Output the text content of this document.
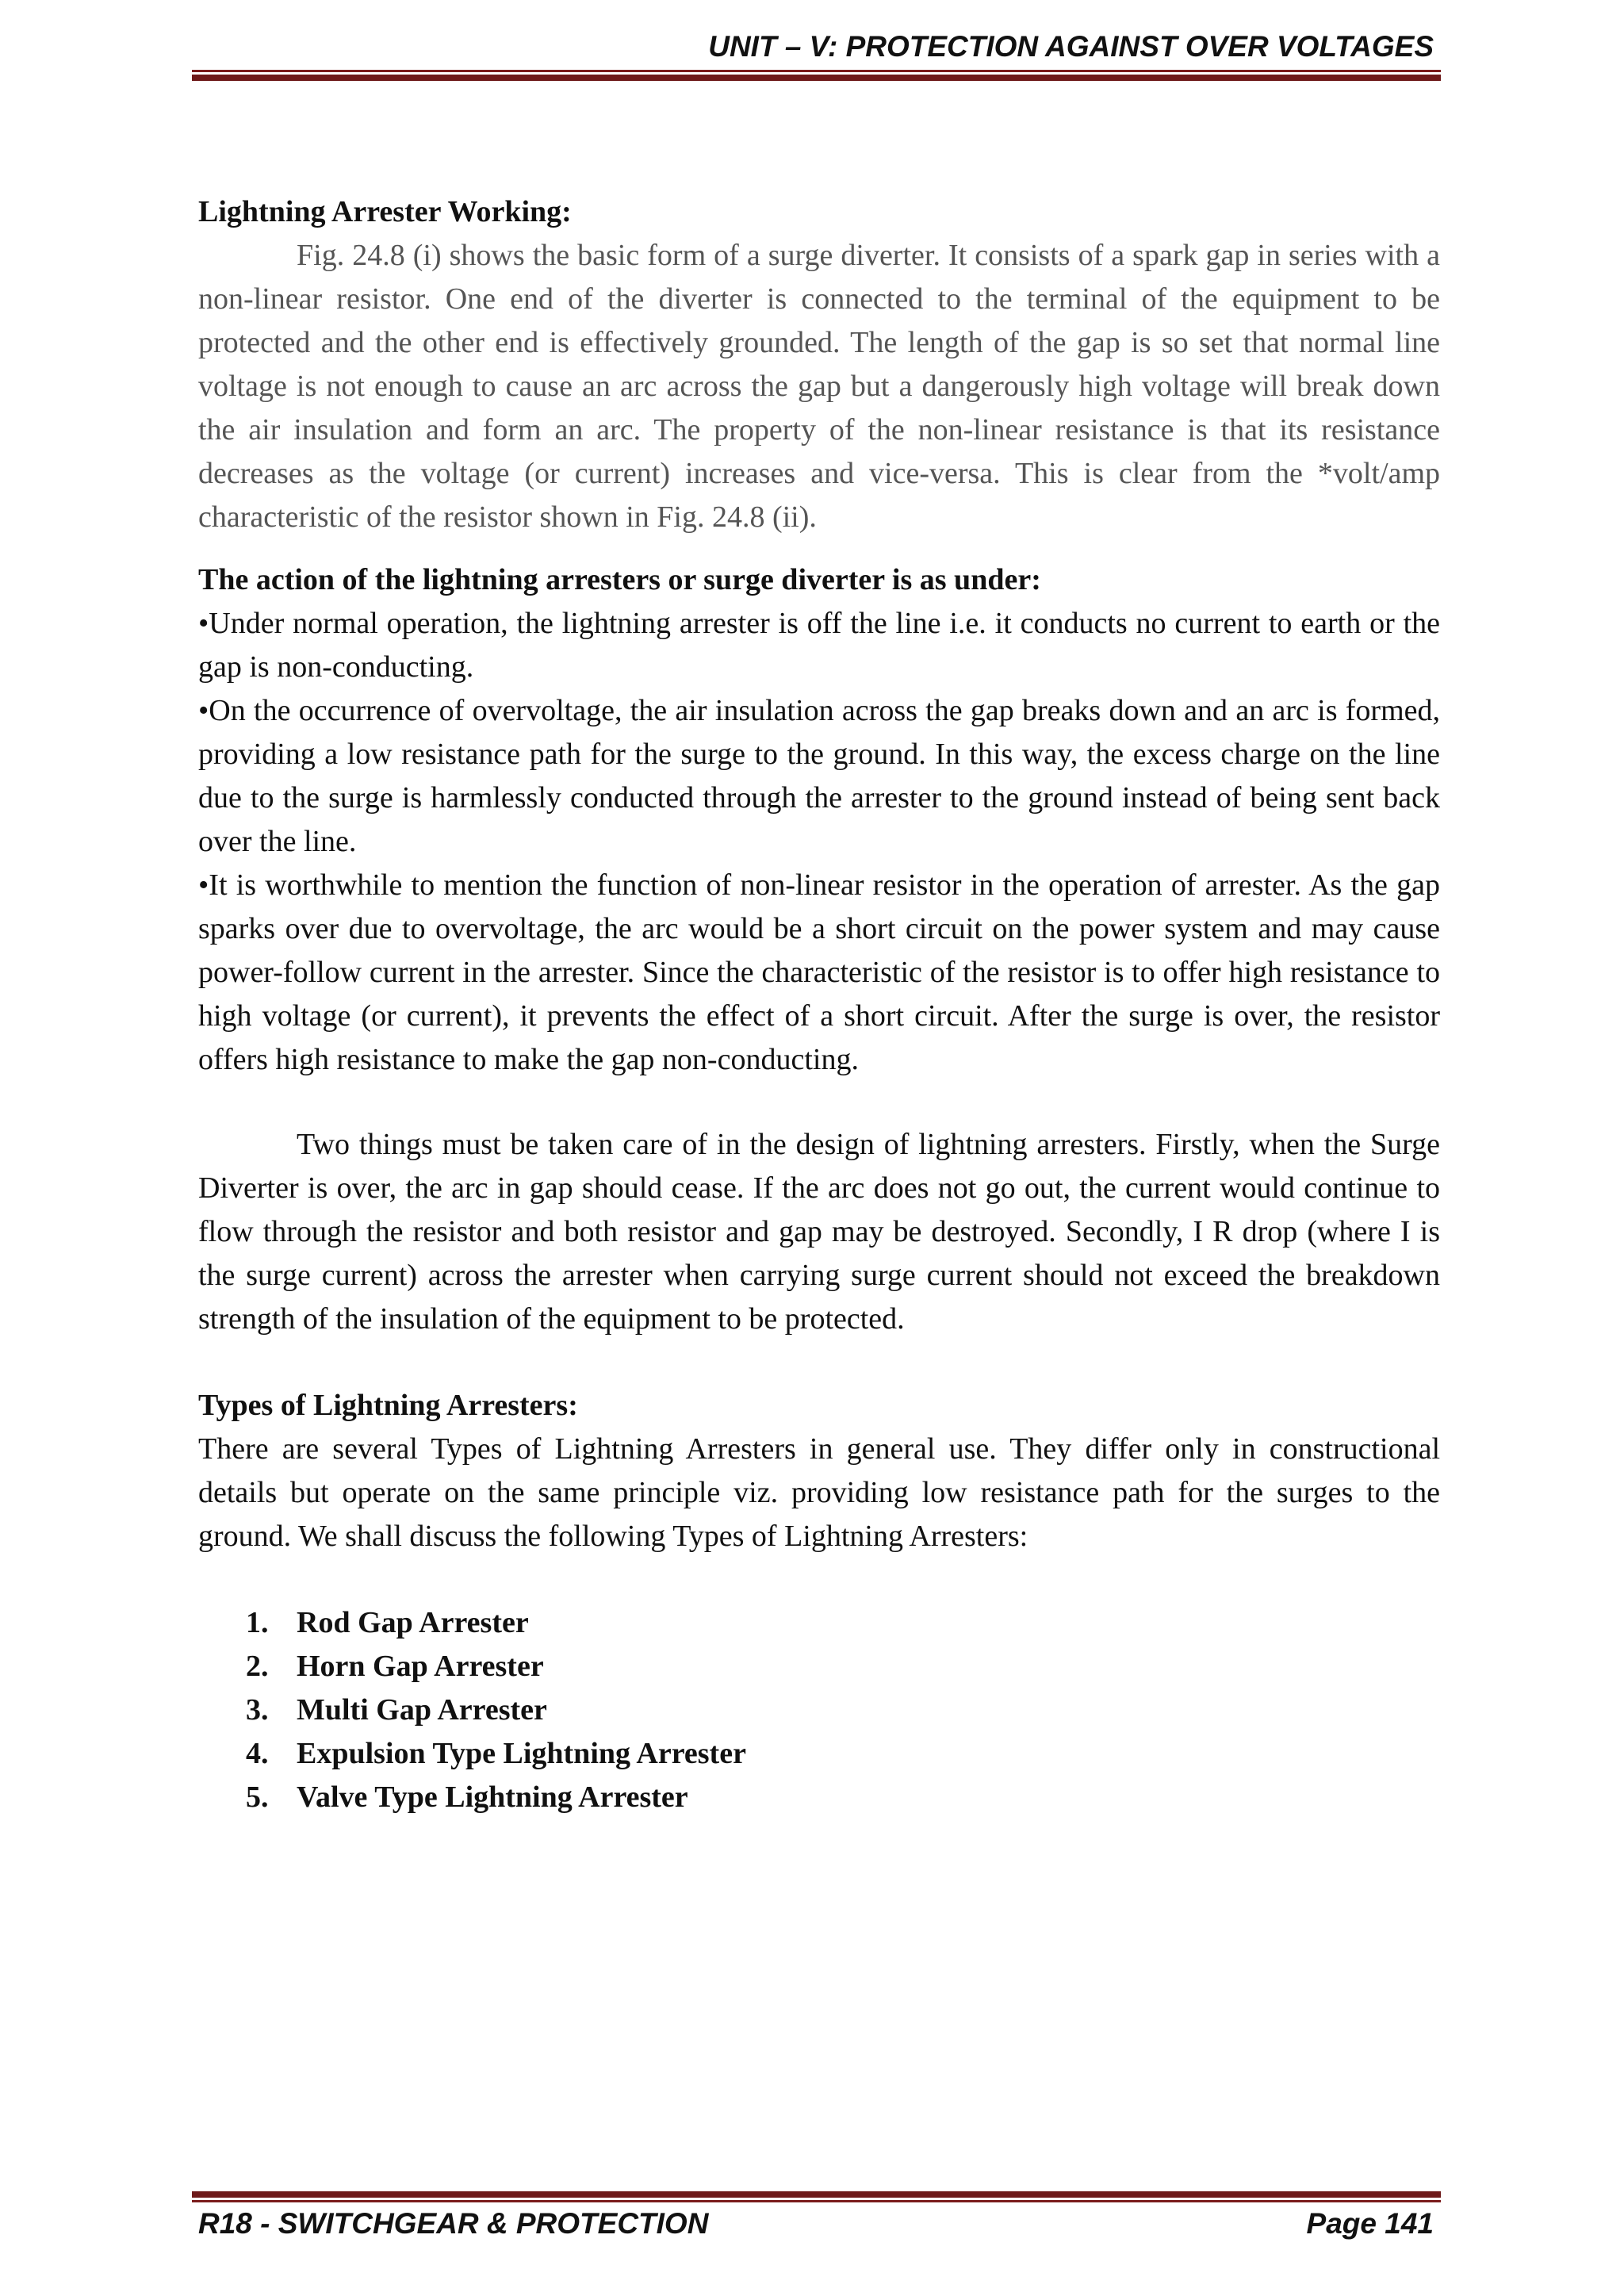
UNIT – V: PROTECTION AGAINST OVER VOLTAGES

Lightning Arrester Working:

Fig. 24.8 (i) shows the basic form of a surge diverter. It consists of a spark gap in series with a non-linear resistor. One end of the diverter is connected to the terminal of the equipment to be protected and the other end is effectively grounded. The length of the gap is so set that normal line voltage is not enough to cause an arc across the gap but a dangerously high voltage will break down the air insulation and form an arc. The property of the non-linear resistance is that its resistance decreases as the voltage (or current) increases and vice-versa. This is clear from the *volt/amp characteristic of the resistor shown in Fig. 24.8 (ii).

The action of the lightning arresters or surge diverter is as under:

•Under normal operation, the lightning arrester is off the line i.e. it conducts no current to earth or the gap is non-conducting.

•On the occurrence of overvoltage, the air insulation across the gap breaks down and an arc is formed, providing a low resistance path for the surge to the ground. In this way, the excess charge on the line due to the surge is harmlessly conducted through the arrester to the ground instead of being sent back over the line.

•It is worthwhile to mention the function of non-linear resistor in the operation of arrester. As the gap sparks over due to overvoltage, the arc would be a short circuit on the power system and may cause power-follow current in the arrester. Since the characteristic of the resistor is to offer high resistance to high voltage (or current), it prevents the effect of a short circuit. After the surge is over, the resistor offers high resistance to make the gap non-conducting.

Two things must be taken care of in the design of lightning arresters. Firstly, when the Surge Diverter is over, the arc in gap should cease. If the arc does not go out, the current would continue to flow through the resistor and both resistor and gap may be destroyed. Secondly, I R drop (where I is the surge current) across the arrester when carrying surge current should not exceed the breakdown strength of the insulation of the equipment to be protected.

Types of Lightning Arresters:

There are several Types of Lightning Arresters in general use. They differ only in constructional details but operate on the same principle viz. providing low resistance path for the surges to the ground. We shall discuss the following Types of Lightning Arresters:

1. Rod Gap Arrester
2. Horn Gap Arrester
3. Multi Gap Arrester
4. Expulsion Type Lightning Arrester
5. Valve Type Lightning Arrester
R18 - SWITCHGEAR & PROTECTION	Page 141
